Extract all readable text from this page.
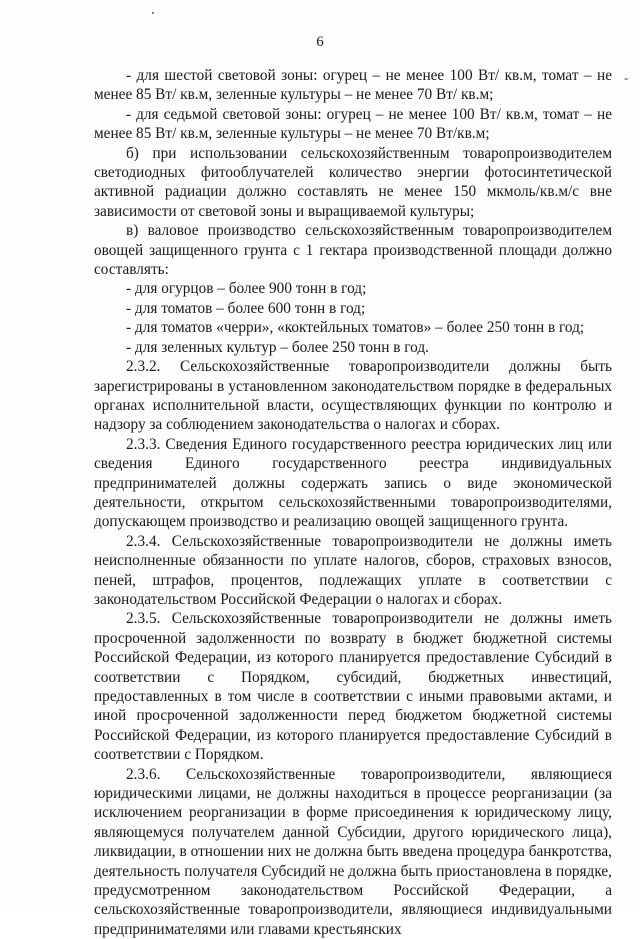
6
-

- для шестой световой зоны: огурец – не менее 100 Вт/ кв.м, томат – не менее 85 Вт/ кв.м, зеленные культуры – не менее 70 Вт/ кв.м;

- для седьмой световой зоны: огурец – не менее 100 Вт/ кв.м, томат – не менее 85 Вт/ кв.м, зеленные культуры – не менее 70 Вт/кв.м;

б) при использовании сельскохозяйственным товаропроизводителем светодиодных фитооблучателей количество энергии фотосинтетической активной радиации должно составлять не менее 150 мкмоль/кв.м/с вне зависимости от световой зоны и выращиваемой культуры;

в) валовое производство сельскохозяйственным товаропроизводителем овощей защищенного грунта с 1 гектара производственной площади должно составлять:

- для огурцов – более 900 тонн в год;

- для томатов – более 600 тонн в год;

- для томатов «черри», «коктейльных томатов» – более 250 тонн в год;

- для зеленных культур – более 250 тонн в год.

2.3.2. Сельскохозяйственные товаропроизводители должны быть зарегистрированы в установленном законодательством порядке в федеральных органах исполнительной власти, осуществляющих функции по контролю и надзору за соблюдением законодательства о налогах и сборах.

2.3.3. Сведения Единого государственного реестра юридических лиц или сведения Единого государственного реестра индивидуальных предпринимателей должны содержать запись о виде экономической деятельности, открытом сельскохозяйственными товаропроизводителями, допускающем производство и реализацию овощей защищенного грунта.

2.3.4. Сельскохозяйственные товаропроизводители не должны иметь неисполненные обязанности по уплате налогов, сборов, страховых взносов, пеней, штрафов, процентов, подлежащих уплате в соответствии с законодательством Российской Федерации о налогах и сборах.

2.3.5. Сельскохозяйственные товаропроизводители не должны иметь просроченной задолженности по возврату в бюджет бюджетной системы Российской Федерации, из которого планируется предоставление Субсидий в соответствии с Порядком, субсидий, бюджетных инвестиций, предоставленных в том числе в соответствии с иными правовыми актами, и иной просроченной задолженности перед бюджетом бюджетной системы Российской Федерации, из которого планируется предоставление Субсидий в соответствии с Порядком.

2.3.6. Сельскохозяйственные товаропроизводители, являющиеся юридическими лицами, не должны находиться в процессе реорганизации (за исключением реорганизации в форме присоединения к юридическому лицу, являющемуся получателем данной Субсидии, другого юридического лица), ликвидации, в отношении них не должна быть введена процедура банкротства, деятельность получателя Субсидий не должна быть приостановлена в порядке, предусмотренном законодательством Российской Федерации, а сельскохозяйственные товаропроизводители, являющиеся индивидуальными предпринимателями или главами крестьянских
